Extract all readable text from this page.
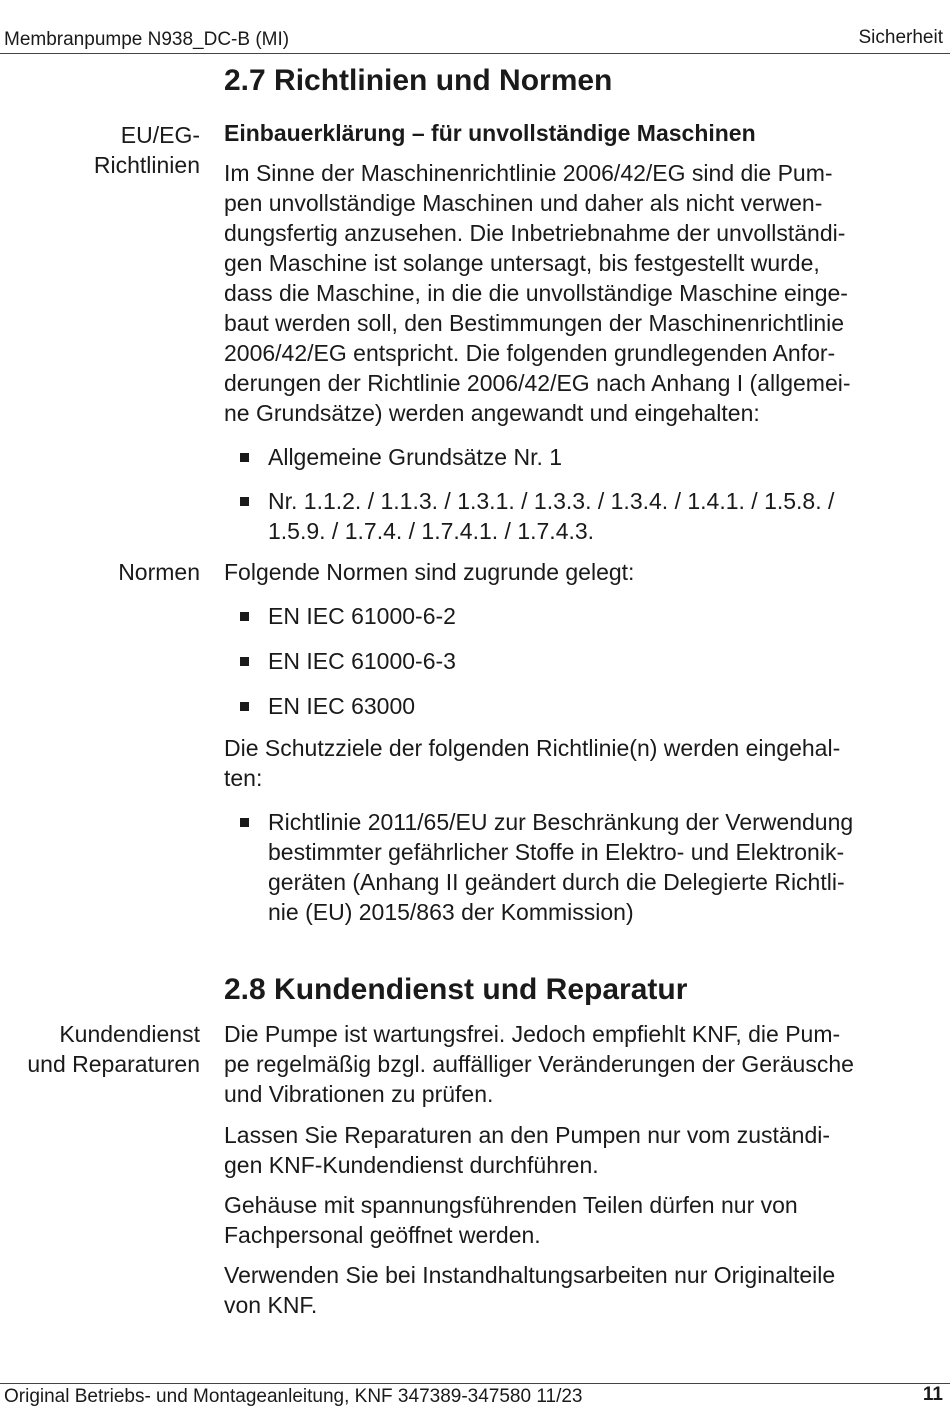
Membranpumpe N938_DC-B (MI)	Sicherheit
2.7 Richtlinien und Normen
EU/EG-
Richtlinien
Einbauerklärung – für unvollständige Maschinen
Im Sinne der Maschinenrichtlinie 2006/42/EG sind die Pum-
pen unvollständige Maschinen und daher als nicht verwen-
dungsfertig anzusehen. Die Inbetriebnahme der unvollständi-
gen Maschine ist solange untersagt, bis festgestellt wurde,
dass die Maschine, in die die unvollständige Maschine einge-
baut werden soll, den Bestimmungen der Maschinenrichtlinie
2006/42/EG entspricht. Die folgenden grundlegenden Anfor-
derungen der Richtlinie 2006/42/EG nach Anhang I (allgemei-
ne Grundsätze) werden angewandt und eingehalten:
Allgemeine Grundsätze Nr. 1
Nr. 1.1.2. / 1.1.3. / 1.3.1. / 1.3.3. / 1.3.4. / 1.4.1. / 1.5.8. /
1.5.9. / 1.7.4. / 1.7.4.1. / 1.7.4.3.
Normen Folgende Normen sind zugrunde gelegt:
EN IEC 61000-6-2
EN IEC 61000-6-3
EN IEC 63000
Die Schutzziele der folgenden Richtlinie(n) werden eingehal-
ten:
Richtlinie 2011/65/EU zur Beschränkung der Verwendung
bestimmter gefährlicher Stoffe in Elektro- und Elektronik-
geräten (Anhang II geändert durch die Delegierte Richtli-
nie (EU) 2015/863 der Kommission)
2.8 Kundendienst und Reparatur
Kundendienst
und Reparaturen
Die Pumpe ist wartungsfrei. Jedoch empfiehlt KNF, die Pum-
pe regelmäßig bzgl. auffälliger Veränderungen der Geräusche
und Vibrationen zu prüfen.
Lassen Sie Reparaturen an den Pumpen nur vom zuständi-
gen KNF-Kundendienst durchführen.
Gehäuse mit spannungsführenden Teilen dürfen nur von
Fachpersonal geöffnet werden.
Verwenden Sie bei Instandhaltungsarbeiten nur Originalteile
von KNF.
Original Betriebs- und Montageanleitung, KNF 347389-347580 11/23	11
